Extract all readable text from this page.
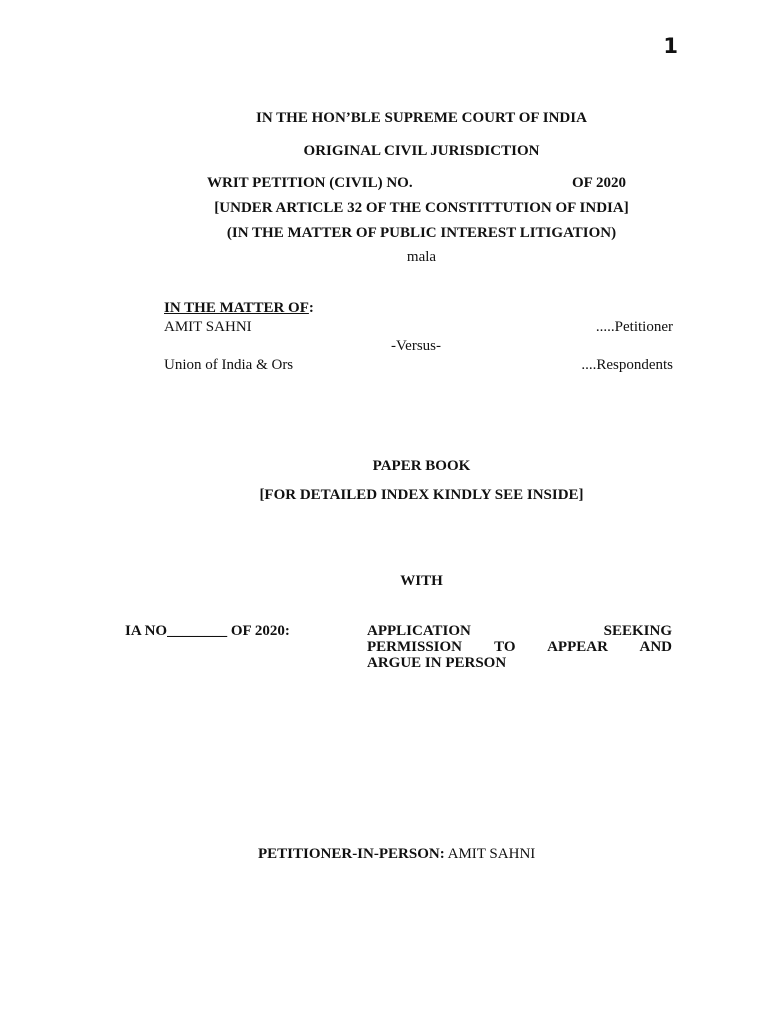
1
IN THE HON’BLE SUPREME COURT OF INDIA
ORIGINAL CIVIL JURISDICTION
WRIT PETITION (CIVIL) NO.	OF 2020
[UNDER ARTICLE 32 OF THE CONSTITTUTION OF INDIA]
(IN THE MATTER OF PUBLIC INTEREST LITIGATION)
mala
IN THE MATTER OF:
AMIT SAHNI	.....Petitioner
-Versus-
Union of India & Ors	....Respondents
PAPER BOOK
[FOR DETAILED INDEX KINDLY SEE INSIDE]
WITH
IA NO________ OF 2020:	APPLICATION SEEKING
PERMISSION TO APPEAR AND
ARGUE IN PERSON
PETITIONER-IN-PERSON: AMIT SAHNI
